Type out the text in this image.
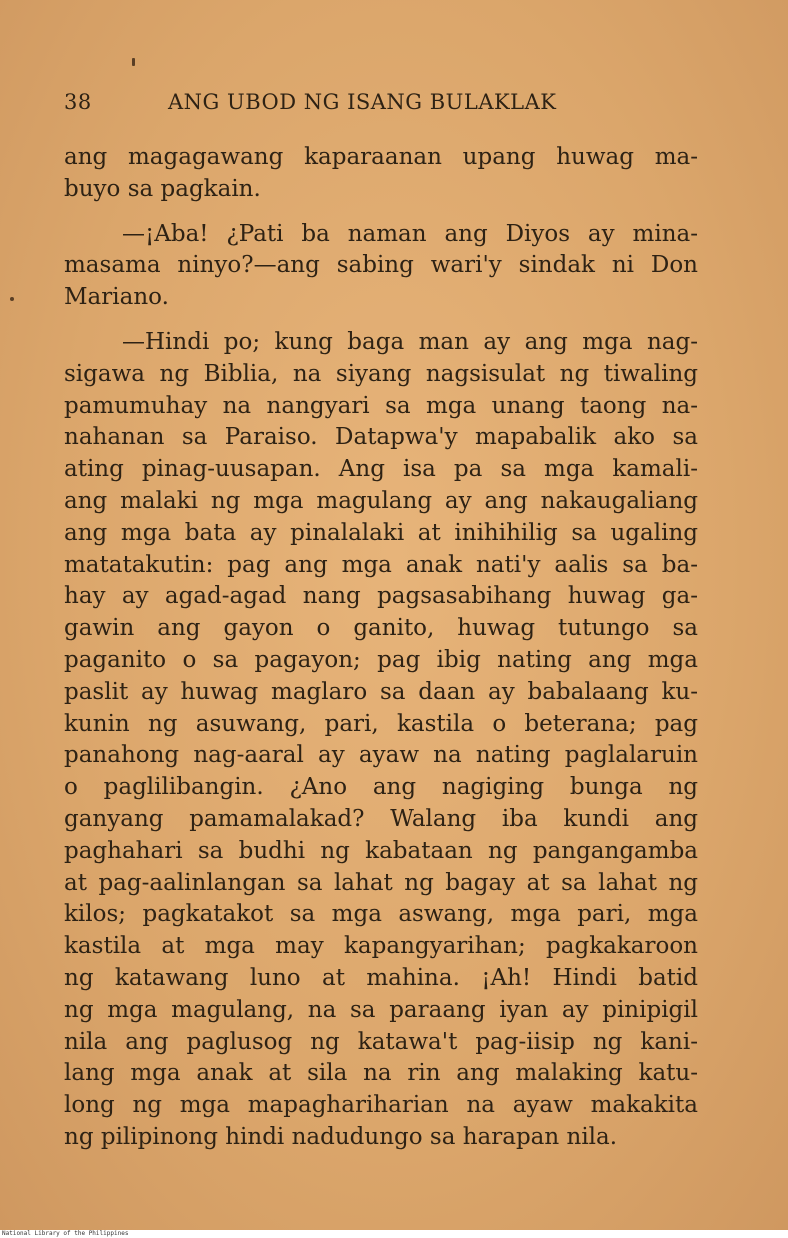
38	ANG UBOD NG ISANG BULAKLAK
ang magagawang kaparaanan upang huwag ma-
buyo sa pagkain.
—¡Aba! ¿Pati ba naman ang Diyos ay mina-
masama ninyo?—ang sabing wari'y sindak ni Don
Mariano.
—Hindi po; kung baga man ay ang mga nag-
sigawa ng Biblia, na siyang nagsisulat ng tiwaling
pamumuhay na nangyari sa mga unang taong na-
nahanan sa Paraiso. Datapwa'y mapabalik ako sa
ating pinag-uusapan. Ang isa pa sa mga kamali-
ang malaki ng mga magulang ay ang nakaugaliang
ang mga bata ay pinalalaki at inihihilig sa ugaling
matatakutin: pag ang mga anak nati'y aalis sa ba-
hay ay agad-agad nang pagsasabihang huwag ga-
gawin ang gayon o ganito, huwag tutungo sa
paganito o sa pagayon; pag ibig nating ang mga
paslit ay huwag maglaro sa daan ay babalaang ku-
kunin ng asuwang, pari, kastila o beterana; pag
panahong nag-aaral ay ayaw na nating paglalaruin
o paglilibangin. ¿Ano ang nagiging bunga ng
ganyang pamamalakad? Walang iba kundi ang
paghahari sa budhi ng kabataan ng pangangamba
at pag-aalinlangan sa lahat ng bagay at sa lahat ng
kilos; pagkatakot sa mga aswang, mga pari, mga
kastila at mga may kapangyarihan; pagkakaroon
ng katawang luno at mahina. ¡Ah! Hindi batid
ng mga magulang, na sa paraang iyan ay pinipigil
nila ang paglusog ng katawa't pag-iisip ng kani-
lang mga anak at sila na rin ang malaking katu-
long ng mga mapaghariharian na ayaw makakita
ng pilipinong hindi nadudungo sa harapan nila.
National Library of the Philippines
